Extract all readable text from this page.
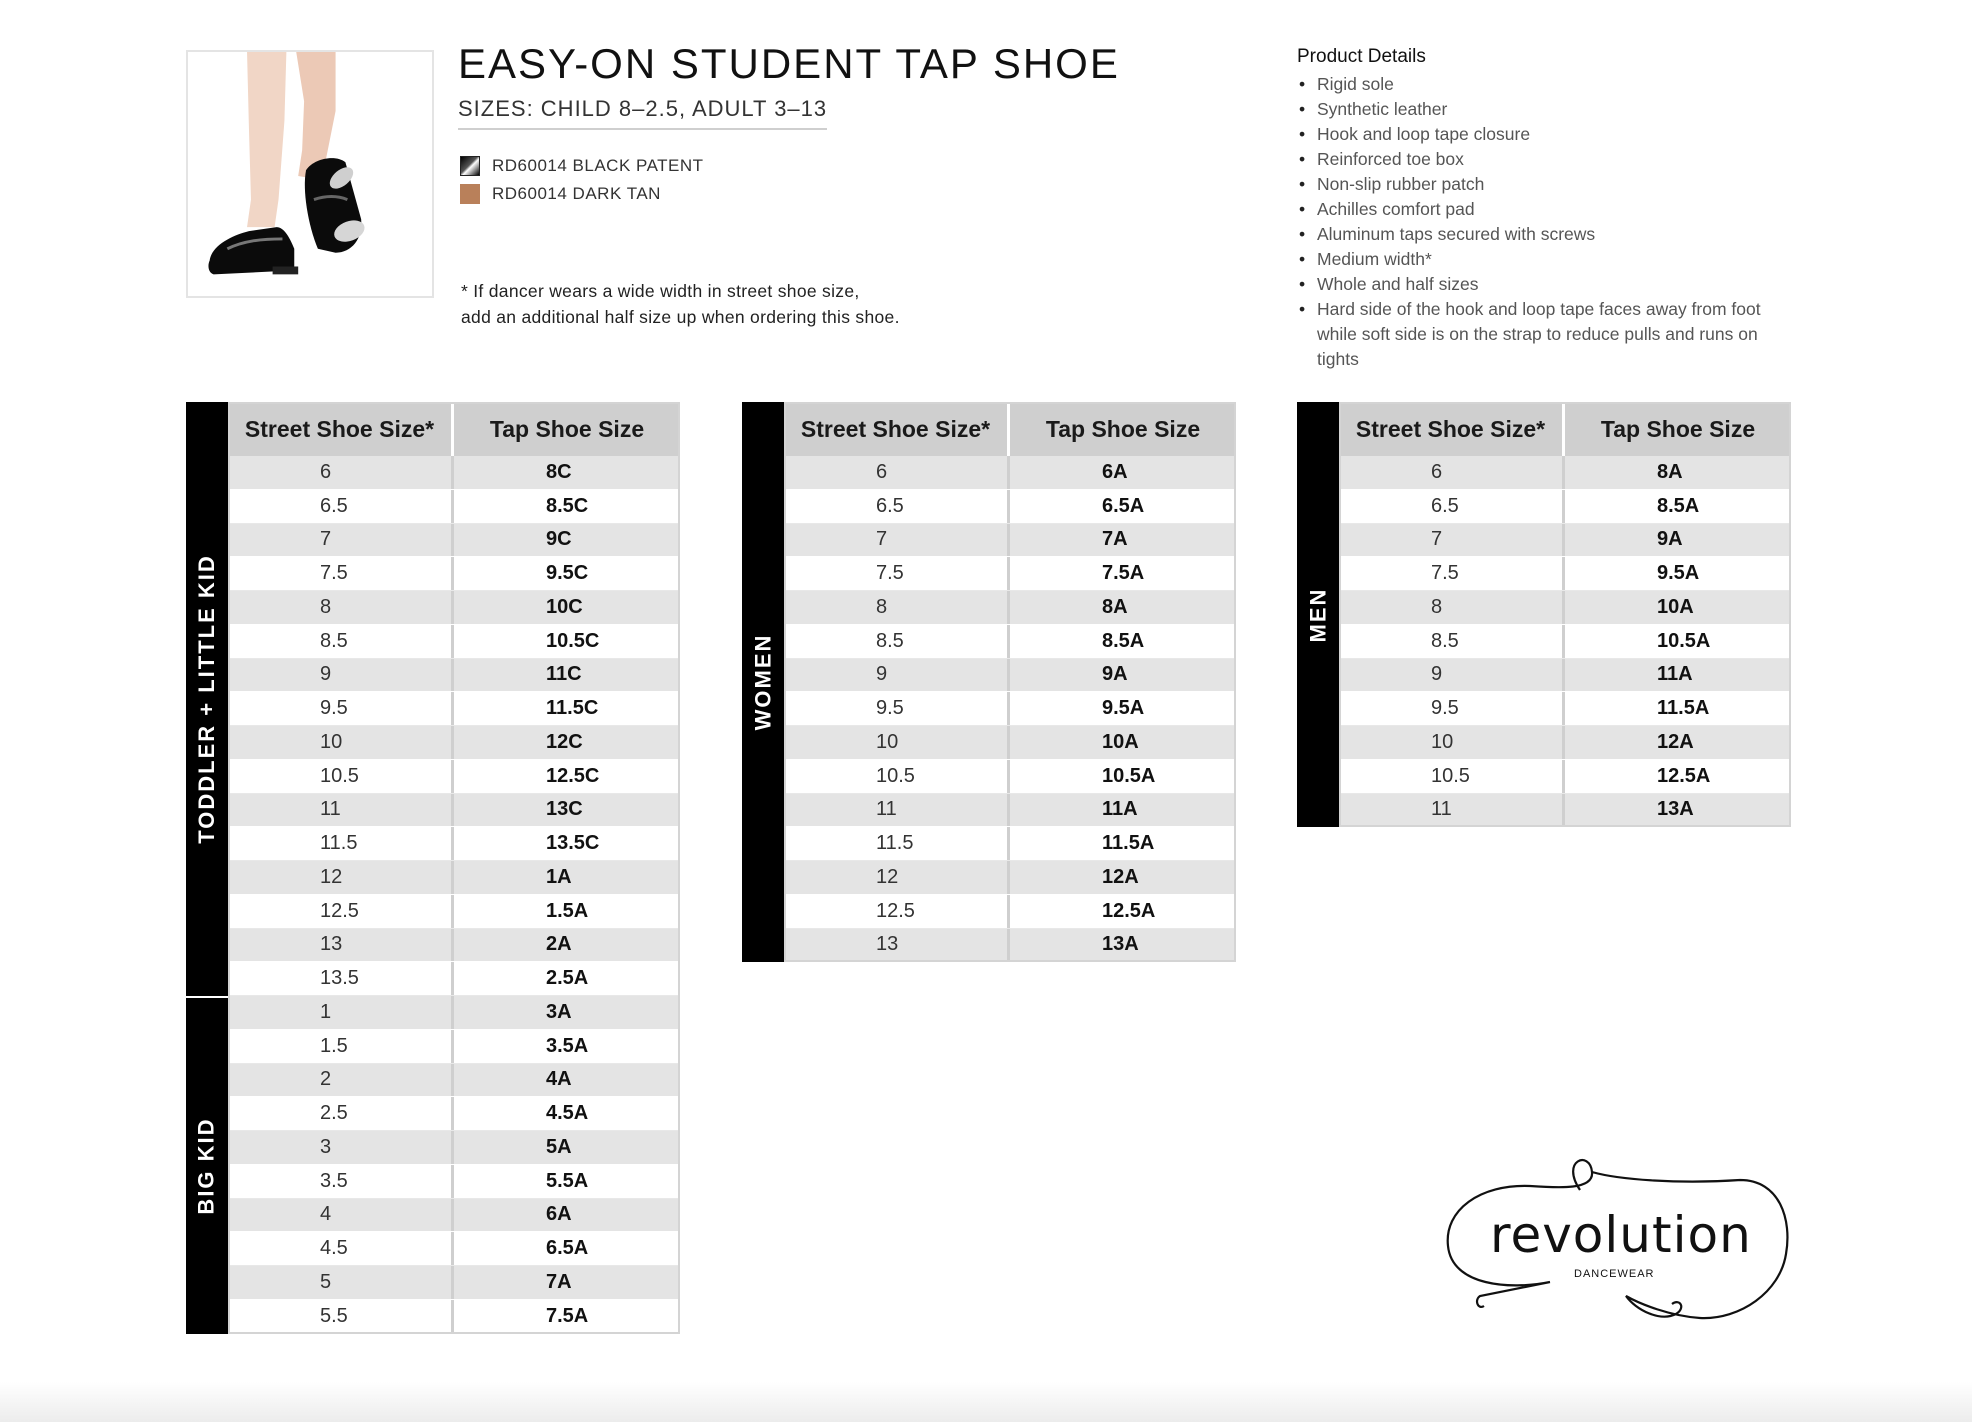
EASY-ON STUDENT TAP SHOE

SIZES: CHILD 8–2.5, ADULT 3–13

RD60014 BLACK PATENT
RD60014 DARK TAN

* If dancer wears a wide width in street shoe size,
add an additional half size up when ordering this shoe.

Product Details
• Rigid sole
• Synthetic leather
• Hook and loop tape closure
• Reinforced toe box
• Non-slip rubber patch
• Achilles comfort pad
• Aluminum taps secured with screws
• Medium width*
• Whole and half sizes
• Hard side of the hook and loop tape faces away from foot while soft side is on the strap to reduce pulls and runs on tights
TODDLER + LITTLE KID
BIG KID
Street Shoe Size*	Tap Shoe Size
6	8C
6.5	8.5C
7	9C
7.5	9.5C
8	10C
8.5	10.5C
9	11C
9.5	11.5C
10	12C
10.5	12.5C
11	13C
11.5	13.5C
12	1A
12.5	1.5A
13	2A
13.5	2.5A
1	3A
1.5	3.5A
2	4A
2.5	4.5A
3	5A
3.5	5.5A
4	6A
4.5	6.5A
5	7A
5.5	7.5A
WOMEN
Street Shoe Size*	Tap Shoe Size
6	6A
6.5	6.5A
7	7A
7.5	7.5A
8	8A
8.5	8.5A
9	9A
9.5	9.5A
10	10A
10.5	10.5A
11	11A
11.5	11.5A
12	12A
12.5	12.5A
13	13A
MEN
Street Shoe Size*	Tap Shoe Size
6	8A
6.5	8.5A
7	9A
7.5	9.5A
8	10A
8.5	10.5A
9	11A
9.5	11.5A
10	12A
10.5	12.5A
11	13A
revolution
DANCEWEAR
